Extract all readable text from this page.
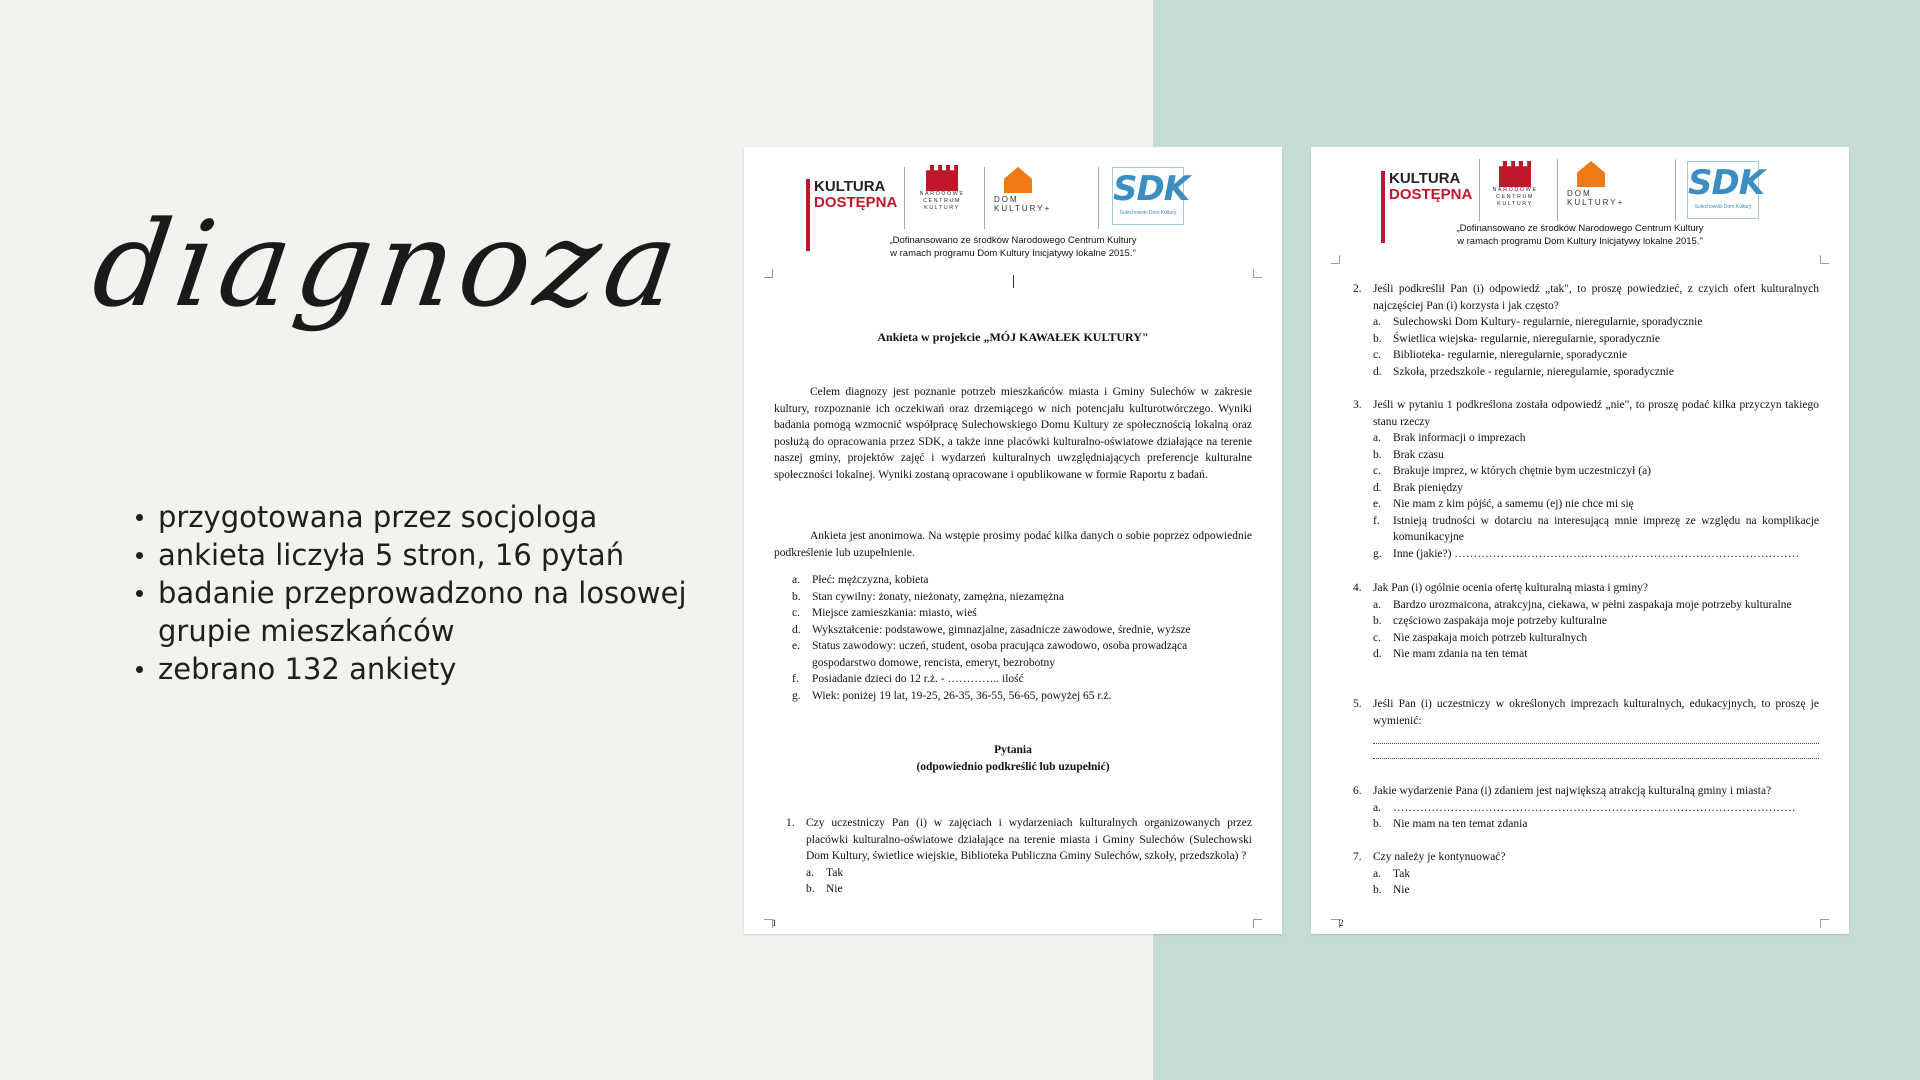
diagnoza
przygotowana przez socjologa
ankieta liczyła 5 stron, 16 pytań
badanie przeprowadzono na losowej grupie mieszkańców
zebrano 132 ankiety
KULTURA
DOSTĘPNA	NARODOWE CENTRUM KULTURY
DOM
KULTURY+	SDK
Sulechowski Dom Kultury
„Dofinansowano ze środków Narodowego Centrum Kultury
w ramach programu Dom Kultury Inicjatywy lokalne 2015."
Ankieta w projekcie „MÓJ KAWAŁEK KULTURY"

Celem diagnozy jest poznanie potrzeb mieszkańców miasta i Gminy Sulechów w zakresie kultury, rozpoznanie ich oczekiwań oraz drzemiącego w nich potencjału kulturotwórczego. Wyniki badania pomogą wzmocnić współpracę Sulechowskiego Domu Kultury ze społecznością lokalną oraz posłużą do opracowania przez SDK, a także inne placówki kulturalno-oświatowe działające na terenie naszej gminy, projektów zajęć i wydarzeń kulturalnych uwzględniających preferencje kulturalne społeczności lokalnej. Wyniki zostaną opracowane i opublikowane w formie Raportu z badań.

Ankieta jest anonimowa. Na wstępie prosimy podać kilka danych o sobie poprzez odpowiednie podkreślenie lub uzupełnienie.

a. Płeć: mężczyzna, kobieta
b. Stan cywilny: żonaty, nieżonaty, zamężna, niezamężna
c. Miejsce zamieszkania: miasto, wieś
d. Wykształcenie: podstawowe, gimnazjalne, zasadnicze zawodowe, średnie, wyższe
e. Status zawodowy: uczeń, student, osoba pracująca zawodowo, osoba prowadząca gospodarstwo domowe, rencista, emeryt, bezrobotny
f. Posiadanie dzieci do 12 r.ż. - ………….. ilość
g. Wiek: poniżej 19 lat, 19-25, 26-35, 36-55, 56-65, powyżej 65 r.ż.
Pytania
(odpowiednio podkreślić lub uzupełnić)
1. Czy uczestniczy Pan (i) w zajęciach i wydarzeniach kulturalnych organizowanych przez placówki kulturalno-oświatowe działające na terenie miasta i Gminy Sulechów (Sulechowski Dom Kultury, świetlice wiejskie, Biblioteka Publiczna Gminy Sulechów, szkoły, przedszkola) ?
a. Tak
b. Nie
1
KULTURA
DOSTĘPNA	NARODOWE CENTRUM KULTURY
DOM
KULTURY+	SDK
Sulechowski Dom Kultury
„Dofinansowano ze środków Narodowego Centrum Kultury
w ramach programu Dom Kultury Inicjatywy lokalne 2015."
2. Jeśli podkreślił Pan (i) odpowiedź „tak", to proszę powiedzieć, z czyich ofert kulturalnych najczęściej Pan (i) korzysta i jak często?
a. Sulechowski Dom Kultury- regularnie, nieregularnie, sporadycznie
b. Świetlica wiejska- regularnie, nieregularnie, sporadycznie
c. Biblioteka- regularnie, nieregularnie, sporadycznie
d. Szkoła, przedszkole - regularnie, nieregularnie, sporadycznie
3. Jeśli w pytaniu 1 podkreślona została odpowiedź „nie", to proszę podać kilka przyczyn takiego stanu rzeczy
a. Brak informacji o imprezach
b. Brak czasu
c. Brakuje imprez, w których chętnie bym uczestniczył (a)
d. Brak pieniędzy
e. Nie mam z kim pójść, a samemu (ej) nie chce mi się
f. Istnieją trudności w dotarciu na interesującą mnie imprezę ze względu na komplikacje komunikacyjne
g. Inne (jakie?) ………………………………………………………………………………
4. Jak Pan (i) ogólnie ocenia ofertę kulturalną miasta i gminy?
a. Bardzo urozmaicona, atrakcyjna, ciekawa, w pełni zaspakaja moje potrzeby kulturalne
b. częściowo zaspakaja moje potrzeby kulturalne
c. Nie zaspakaja moich potrzeb kulturalnych
d. Nie mam zdania na ten temat
5. Jeśli Pan (i) uczestniczy w określonych imprezach kulturalnych, edukacyjnych, to proszę je wymienić:
6. Jakie wydarzenie Pana (i) zdaniem jest największą atrakcją kulturalną gminy i miasta?
a. ……………………………………………………………………………………………
b. Nie mam na ten temat zdania
7. Czy należy je kontynuować?
a. Tak
b. Nie
2
